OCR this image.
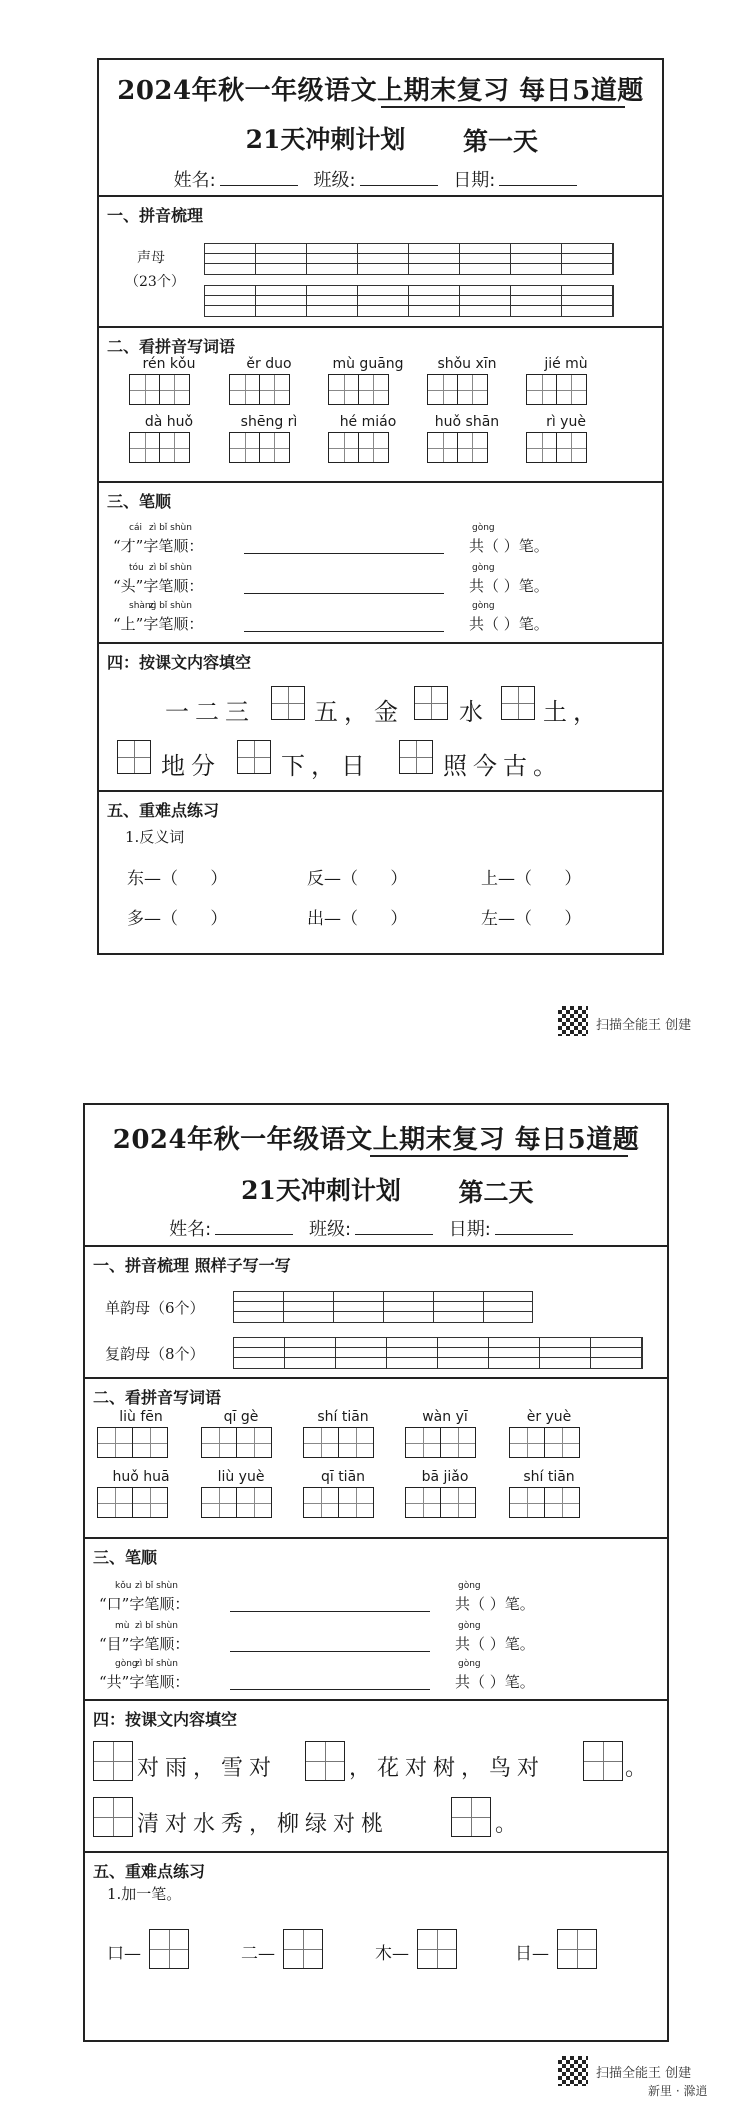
2024年秋一年级语文上期末复习 每日5道题
21天冲刺计划	第一天
姓名:	班级:	日期:
一、拼音梳理
声母
（23个）
二、看拼音写词语
rén kǒu	ěr duo	mù guāng	shǒu xīn	jié mù
dà huǒ	shēng rì	hé miáo	huǒ shān	rì yuè
三、笔顺
cái zì bǐ shùn
“才”字笔顺：
gòng
共（ ）笔。
tóu zì bǐ shùn
“头”字笔顺：
gòng
共（ ）笔。
shàng
zì bǐ shùn
“上”字笔顺：
gòng
共（ ）笔。
四：按课文内容填空
一二三 五，金 水 土，
地分	下，日	照今古。
五、重难点练习
1.反义词
东—（      ）	反—（      ）	上—（      ）
多—（      ）	出—（      ）	左—（      ）
扫描全能王 创建
2024年秋一年级语文上期末复习 每日5道题
21天冲刺计划	第二天
姓名:	班级:	日期:
一、拼音梳理 照样子写一写
单韵母（6个）
复韵母（8个）
二、看拼音写词语
liù fēn	qī gè	shí tiān	wàn yī	èr yuè
huǒ huā	liù yuè	qī tiān	bā jiǎo	shí tiān
三、笔顺
kǒu zì bǐ shùn
“口”字笔顺：
gòng
共（ ）笔。
mù zì bǐ shùn
“目”字笔顺：
gòng
共（ ）笔。
gòng
zì bǐ shùn
“共”字笔顺：
gòng
共（ ）笔。
四：按课文内容填空
对雨，雪对	，花对树，鸟对	。
清对水秀，柳绿对桃	。
五、重难点练习
1.加一笔。
口—	二—	木—	日—
扫描全能王 创建
新里 · 滁逍
